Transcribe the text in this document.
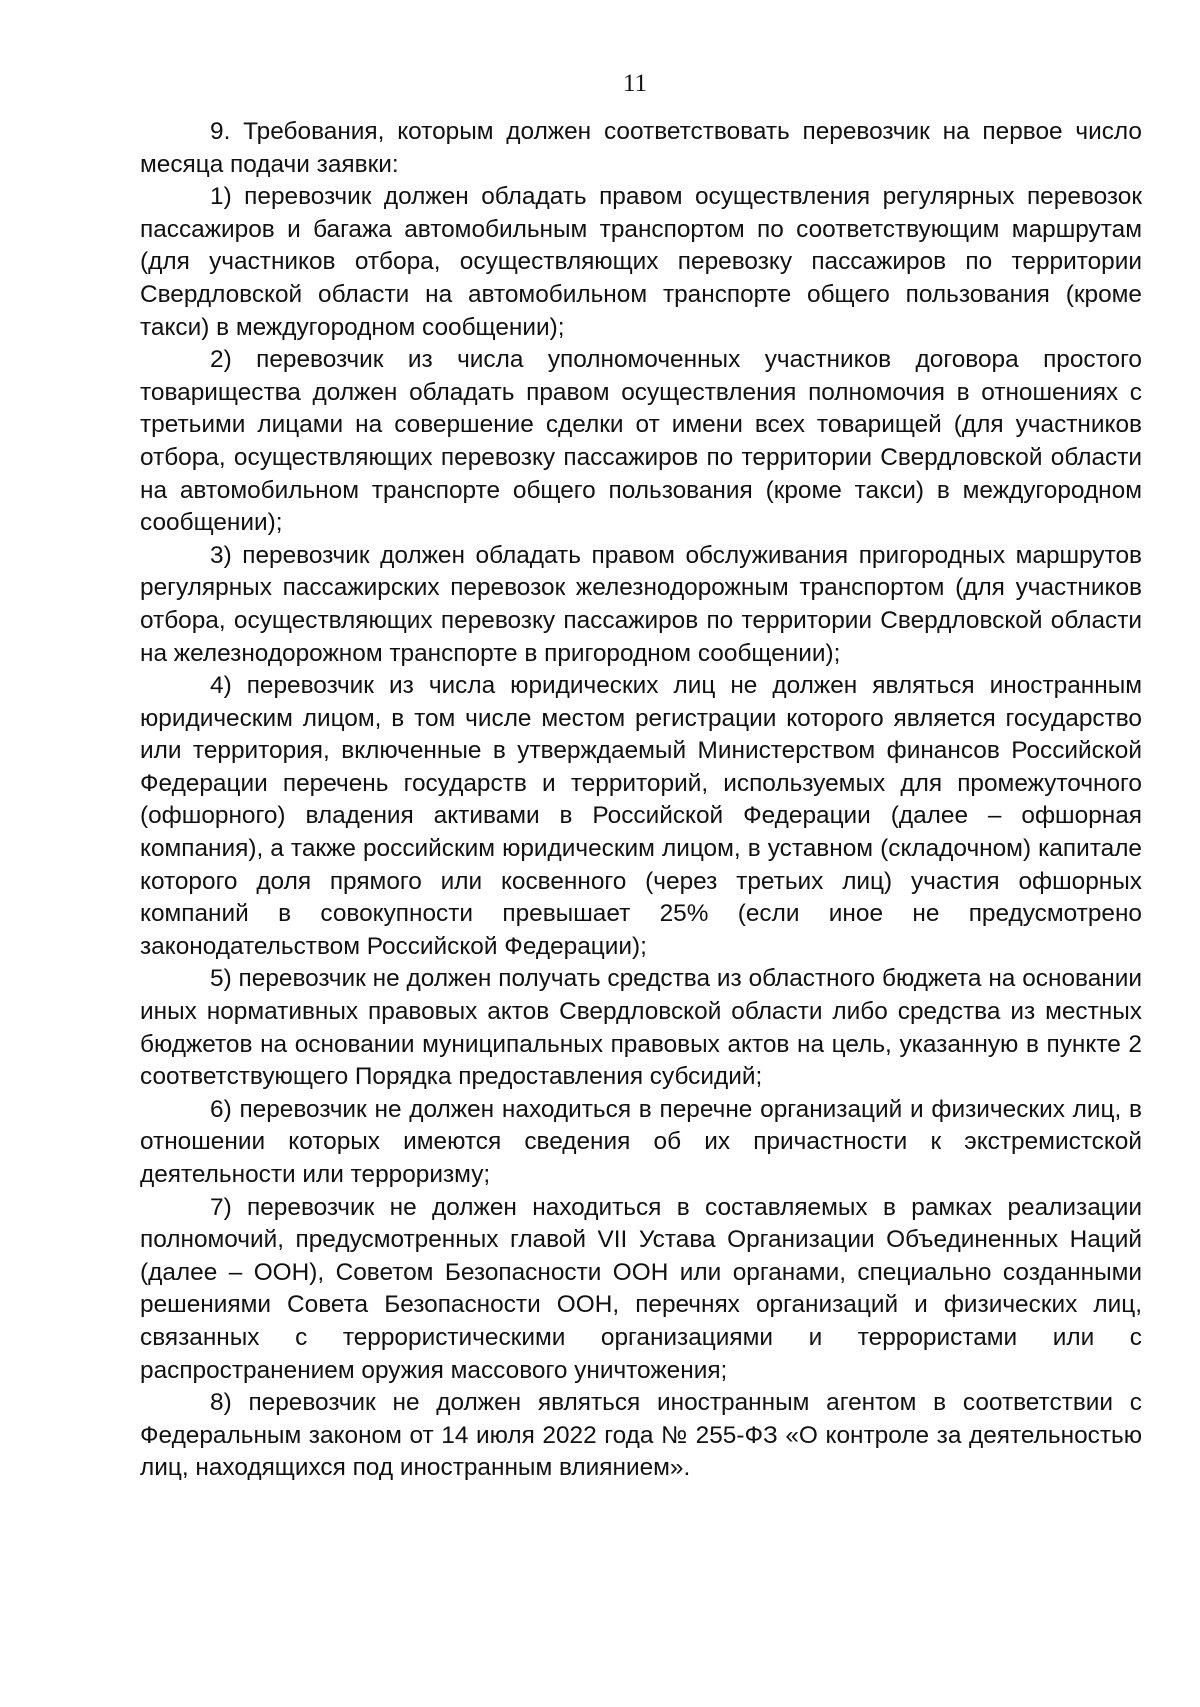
11

9. Требования, которым должен соответствовать перевозчик на первое число месяца подачи заявки:

1) перевозчик должен обладать правом осуществления регулярных перевозок пассажиров и багажа автомобильным транспортом по соответствующим маршрутам (для участников отбора, осуществляющих перевозку пассажиров по территории Свердловской области на автомобильном транспорте общего пользования (кроме такси) в междугородном сообщении);

2) перевозчик из числа уполномоченных участников договора простого товарищества должен обладать правом осуществления полномочия в отношениях с третьими лицами на совершение сделки от имени всех товарищей (для участников отбора, осуществляющих перевозку пассажиров по территории Свердловской области на автомобильном транспорте общего пользования (кроме такси) в междугородном сообщении);

3) перевозчик должен обладать правом обслуживания пригородных маршрутов регулярных пассажирских перевозок железнодорожным транспортом (для участников отбора, осуществляющих перевозку пассажиров по территории Свердловской области на железнодорожном транспорте в пригородном сообщении);

4) перевозчик из числа юридических лиц не должен являться иностранным юридическим лицом, в том числе местом регистрации которого является государство или территория, включенные в утверждаемый Министерством финансов Российской Федерации перечень государств и территорий, используемых для промежуточного (офшорного) владения активами в Российской Федерации (далее – офшорная компания), а также российским юридическим лицом, в уставном (складочном) капитале которого доля прямого или косвенного (через третьих лиц) участия офшорных компаний в совокупности превышает 25% (если иное не предусмотрено законодательством Российской Федерации);

5) перевозчик не должен получать средства из областного бюджета на основании иных нормативных правовых актов Свердловской области либо средства из местных бюджетов на основании муниципальных правовых актов на цель, указанную в пункте 2 соответствующего Порядка предоставления субсидий;

6) перевозчик не должен находиться в перечне организаций и физических лиц, в отношении которых имеются сведения об их причастности к экстремистской деятельности или терроризму;

7) перевозчик не должен находиться в составляемых в рамках реализации полномочий, предусмотренных главой VII Устава Организации Объединенных Наций (далее – ООН), Советом Безопасности ООН или органами, специально созданными решениями Совета Безопасности ООН, перечнях организаций и физических лиц, связанных с террористическими организациями и террористами или с распространением оружия массового уничтожения;

8) перевозчик не должен являться иностранным агентом в соответствии с Федеральным законом от 14 июля 2022 года № 255-ФЗ «О контроле за деятельностью лиц, находящихся под иностранным влиянием».
